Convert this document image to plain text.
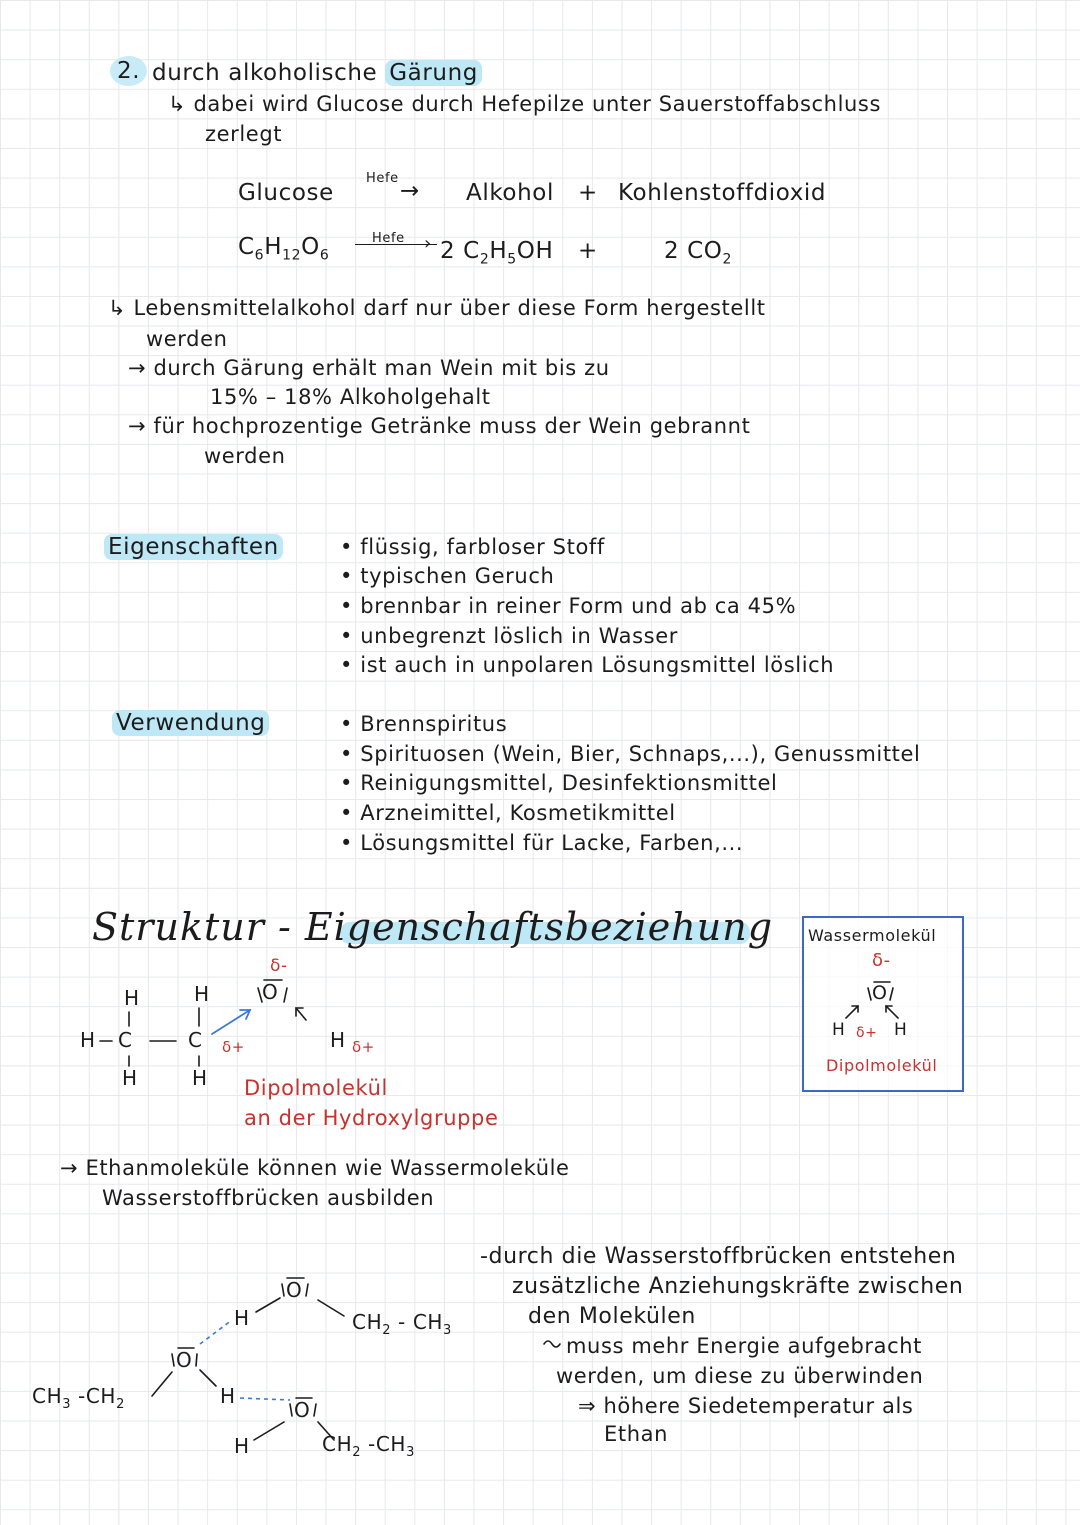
2. durch alkoholische Gärung
↳ dabei wird Glucose durch Hefepilze unter Sauerstoffabschluss
zerlegt
Glucose
Hefe → Alkohol + Kohlenstoffdioxid
$C_6H_{12}O_6$
Hefe › 2 $C_2H_5OH$ +	2 $CO_2$
↳ Lebensmittelalkohol darf nur über diese Form hergestellt
werden
→ durch Gärung erhält man Wein mit bis zu
15% – 18% Alkoholgehalt
→ für hochprozentige Getränke muss der Wein gebrannt
werden
Eigenschaften	• flüssig, farbloser Stoff
• typischen Geruch
• brennbar in reiner Form und ab ca 45%
• unbegrenzt löslich in Wasser
• ist auch in unpolaren Lösungsmittel löslich
Verwendung	• Brennspiritus
• Spirituosen (Wein, Bier, Schnaps,...), Genussmittel
• Reinigungsmittel, Desinfektionsmittel
• Arzneimittel, Kosmetikmittel
• Lösungsmittel für Lacke, Farben,...
Struktur - Eigenschaftsbeziehung
H	H
H C	C
H	H
O
H
δ-
δ+	δ+
Dipolmolekül
an der Hydroxylgruppe
Wassermolekül
δ-
O
H δ+ H
Dipolmolekül
→ Ethanmoleküle können wie Wassermoleküle
Wasserstoffbrücken ausbilden
O
H	$CH_2 - CH_3$
O
$CH_3$ $-CH_2$	H
O
H	$CH_2$ $-CH_3$
-durch die Wasserstoffbrücken entstehen
zusätzliche Anziehungskräfte zwischen
den Molekülen
muss mehr Energie aufgebracht
werden, um diese zu überwinden
⇒ höhere Siedetemperatur als
Ethan
